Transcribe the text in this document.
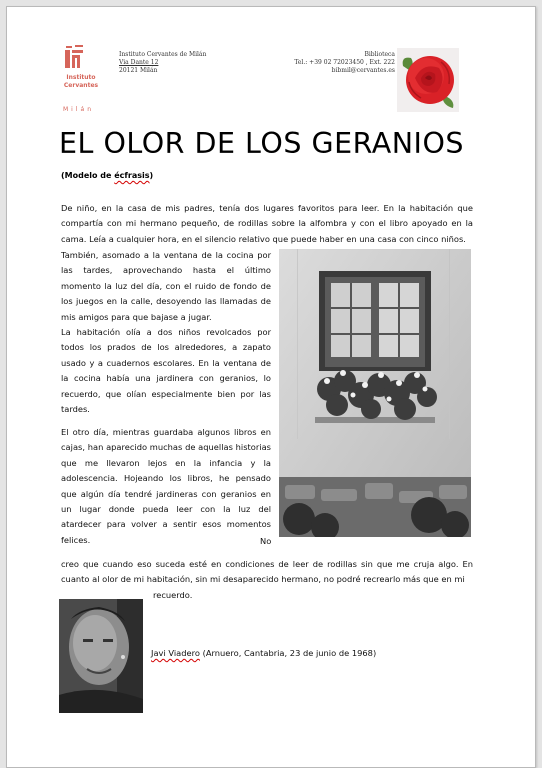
Instituto
Cervantes
Milán
Instituto Cervantes de Milán
Via Dante 12
20121 Milán
Biblioteca
Tel.: +39 02 72023450 , Ext. 222
bibmil@cervantes.es
EL OLOR DE LOS GERANIOS
(Modelo de écfrasis)
De niño, en la casa de mis padres, tenía dos lugares favoritos para leer. En la habitación que compartía con mi hermano pequeño, de rodillas sobre la alfombra y con el libro apoyado en la cama. Leía a cualquier hora, en el silencio relativo que puede haber en una casa con cinco niños.
También, asomado a la ventana de la cocina por las tardes, aprovechando hasta el último momento la luz del día, con el ruido de fondo de los juegos en la calle, desoyendo las llamadas de mis amigos para que bajase a jugar.
La habitación olía a dos niños revolcados por todos los prados de los alrededores, a zapato usado y a cuadernos escolares. En la ventana de la cocina había una jardinera con geranios, lo recuerdo, que olían especialmente bien por las tardes.
El otro día, mientras guardaba algunos libros en cajas, han aparecido muchas de aquellas historias que me llevaron lejos en la infancia y la adolescencia. Hojeando los libros, he pensado que algún día tendré jardineras con geranios en un lugar donde pueda leer con la luz del atardecer para volver a sentir esos momentos felices.	No
creo que cuando eso suceda esté en condiciones de leer de rodillas sin que me cruja algo. En cuanto al olor de mi habitación, sin mi desaparecido hermano, no podré recrearlo más que en mi
recuerdo.
Javi Viadero (Arnuero, Cantabria, 23 de junio de 1968)
